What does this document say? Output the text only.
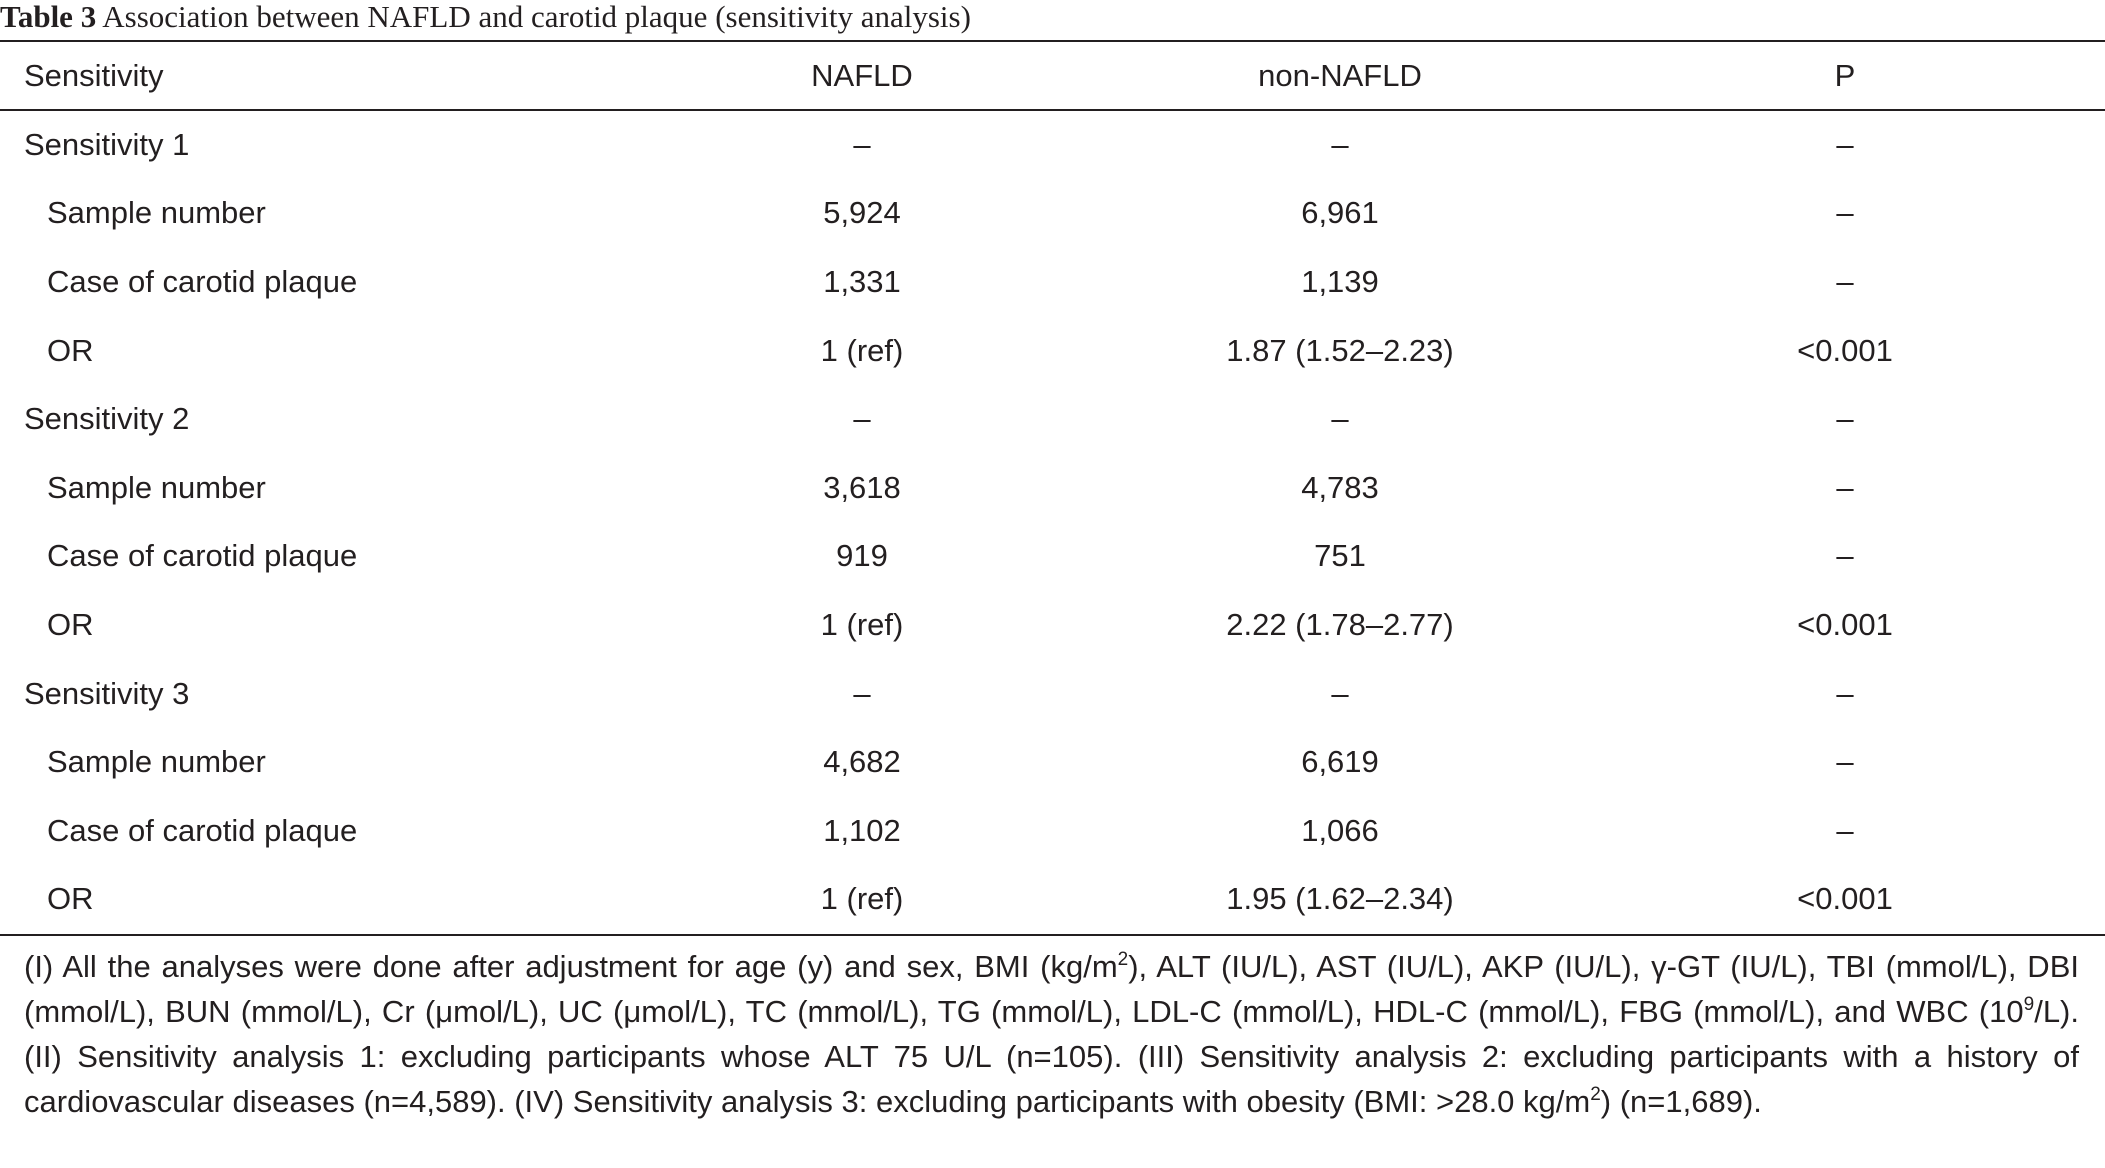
Table 3 Association between NAFLD and carotid plaque (sensitivity analysis)
Sensitivity	NAFLD	non-NAFLD	P
Sensitivity 1	–	–	–
Sample number	5,924	6,961	–
Case of carotid plaque	1,331	1,139	–
OR	1 (ref)	1.87 (1.52–2.23)	<0.001
Sensitivity 2	–	–	–
Sample number	3,618	4,783	–
Case of carotid plaque	919	751	–
OR	1 (ref)	2.22 (1.78–2.77)	<0.001
Sensitivity 3	–	–	–
Sample number	4,682	6,619	–
Case of carotid plaque	1,102	1,066	–
OR	1 (ref)	1.95 (1.62–2.34)	<0.001
(I) All the analyses were done after adjustment for age (y) and sex, BMI $(kg/m^2)$, ALT (IU/L), AST (IU/L), AKP (IU/L), γ-GT (IU/L), TBI (mmol/L), DBI (mmol/L), BUN (mmol/L), Cr (μmol/L), UC (μmol/L), TC (mmol/L), TG (mmol/L), LDL-C (mmol/L), HDL-C (mmol/L), FBG (mmol/L), and WBC $(10^9/L)$. (II) Sensitivity analysis 1: excluding participants whose ALT 75 U/L (n=105). (III) Sensitivity analysis 2: excluding participants with a history of cardiovascular diseases (n=4,589). (IV) Sensitivity analysis 3: excluding participants with obesity (BMI: >28.0 $kg/m^2$) (n=1,689).
